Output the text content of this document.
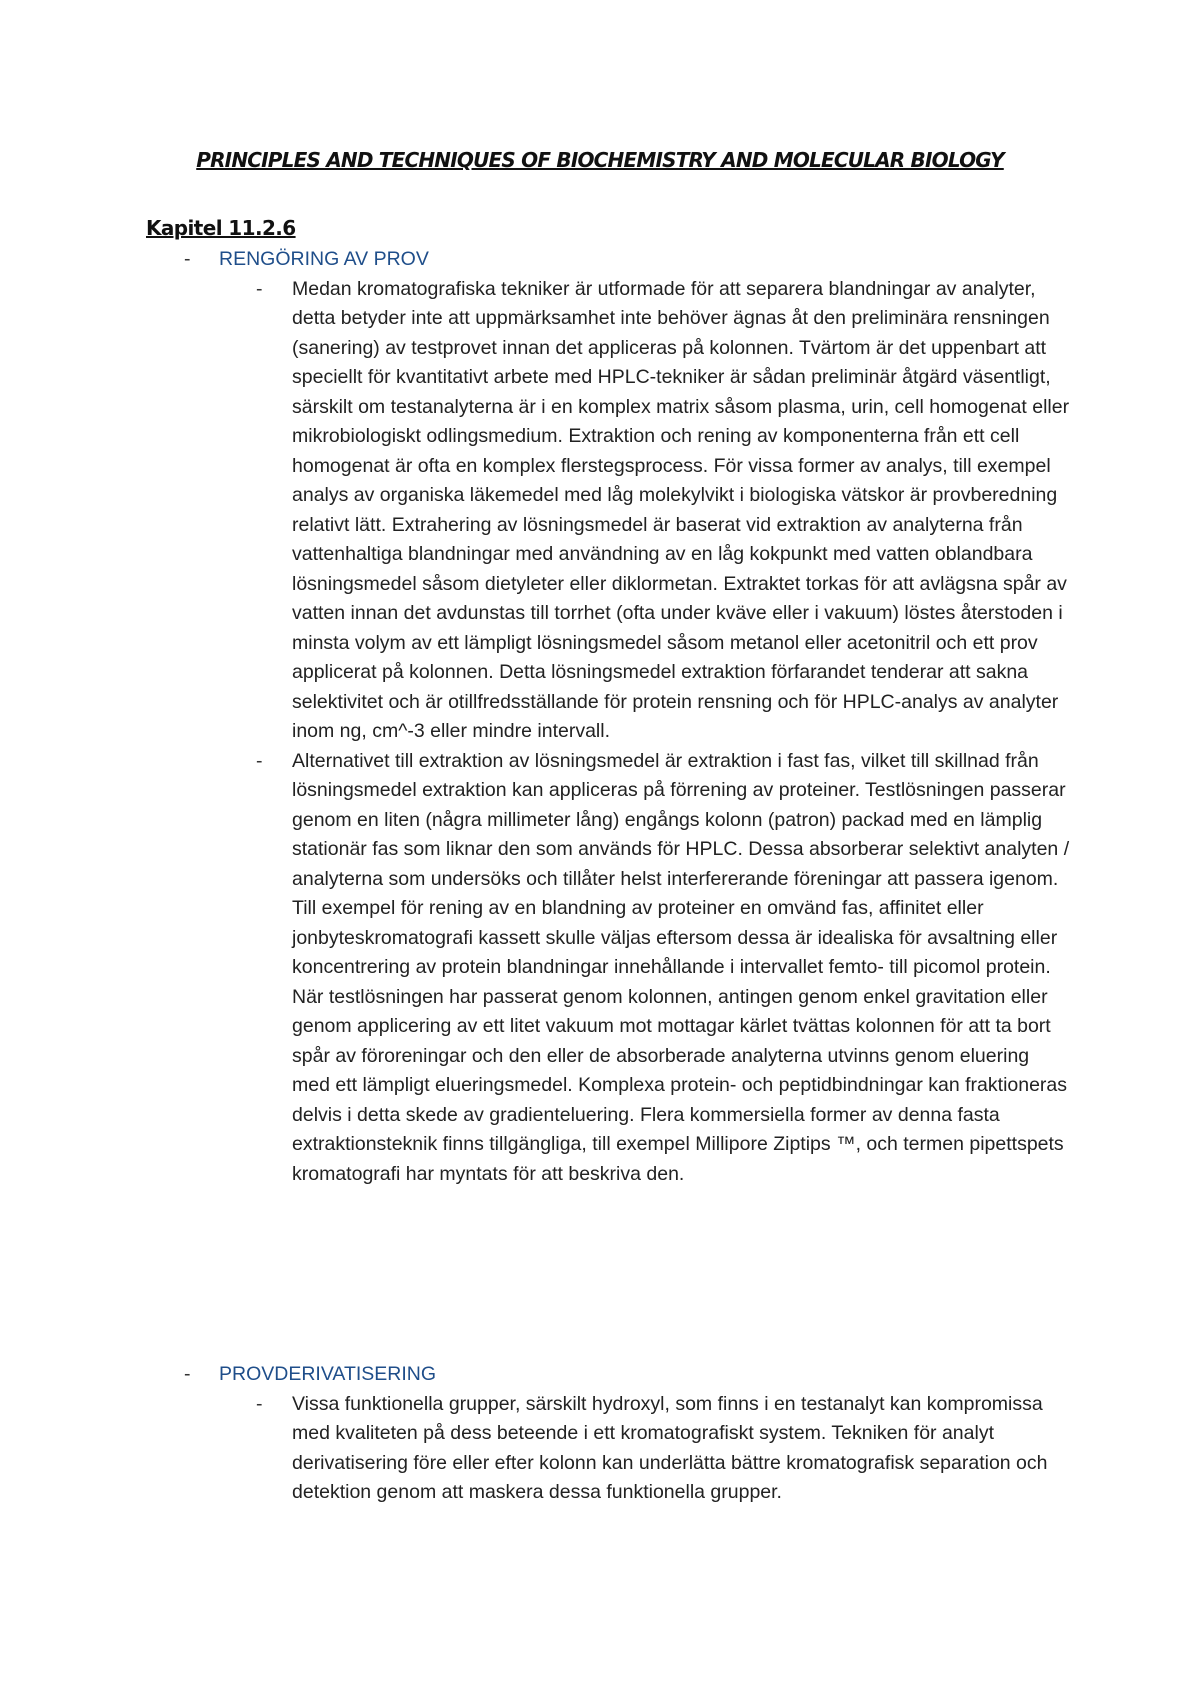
PRINCIPLES AND TECHNIQUES OF BIOCHEMISTRY AND MOLECULAR BIOLOGY
Kapitel 11.2.6
- RENGÖRING AV PROV

- Medan kromatografiska tekniker är utformade för att separera blandningar av analyter, detta betyder inte att uppmärksamhet inte behöver ägnas åt den preliminära rensningen (sanering) av testprovet innan det appliceras på kolonnen. Tvärtom är det uppenbart att speciellt för kvantitativt arbete med HPLC-tekniker är sådan preliminär åtgärd väsentligt, särskilt om testanalyterna är i en komplex matrix såsom plasma, urin, cell homogenat eller mikrobiologiskt odlingsmedium. Extraktion och rening av komponenterna från ett cell homogenat är ofta en komplex flerstegsprocess. För vissa former av analys, till exempel analys av organiska läkemedel med låg molekylvikt i biologiska vätskor är provberedning relativt lätt. Extrahering av lösningsmedel är baserat vid extraktion av analyterna från vattenhaltiga blandningar med användning av en låg kokpunkt med vatten oblandbara lösningsmedel såsom dietyleter eller diklormetan. Extraktet torkas för att avlägsna spår av vatten innan det avdunstas till torrhet (ofta under kväve eller i vakuum) löstes återstoden i minsta volym av ett lämpligt lösningsmedel såsom metanol eller acetonitril och ett prov applicerat på kolonnen. Detta lösningsmedel extraktion förfarandet tenderar att sakna selektivitet och är otillfredsställande för protein rensning och för HPLC-analys av analyter inom ng, cm^-3 eller mindre intervall.

- Alternativet till extraktion av lösningsmedel är extraktion i fast fas, vilket till skillnad från lösningsmedel extraktion kan appliceras på förrening av proteiner. Testlösningen passerar genom en liten (några millimeter lång) engångs kolonn (patron) packad med en lämplig stationär fas som liknar den som används för HPLC. Dessa absorberar selektivt analyten / analyterna som undersöks och tillåter helst interfererande föreningar att passera igenom. Till exempel för rening av en blandning av proteiner en omvänd fas, affinitet eller jonbyteskromatografi kassett skulle väljas eftersom dessa är idealiska för avsaltning eller koncentrering av protein blandningar innehållande i intervallet femto- till picomol protein. När testlösningen har passerat genom kolonnen, antingen genom enkel gravitation eller genom applicering av ett litet vakuum mot mottagar kärlet tvättas kolonnen för att ta bort spår av föroreningar och den eller de absorberade analyterna utvinns genom eluering med ett lämpligt elueringsmedel. Komplexa protein- och peptidbindningar kan fraktioneras delvis i detta skede av gradienteluering. Flera kommersiella former av denna fasta extraktionsteknik finns tillgängliga, till exempel Millipore Ziptips ™, och termen pipettspets kromatografi har myntats för att beskriva den.

- PROVDERIVATISERING

- Vissa funktionella grupper, särskilt hydroxyl, som finns i en testanalyt kan kompromissa med kvaliteten på dess beteende i ett kromatografiskt system. Tekniken för analyt derivatisering före eller efter kolonn kan underlätta bättre kromatografisk separation och detektion genom att maskera dessa funktionella grupper.
